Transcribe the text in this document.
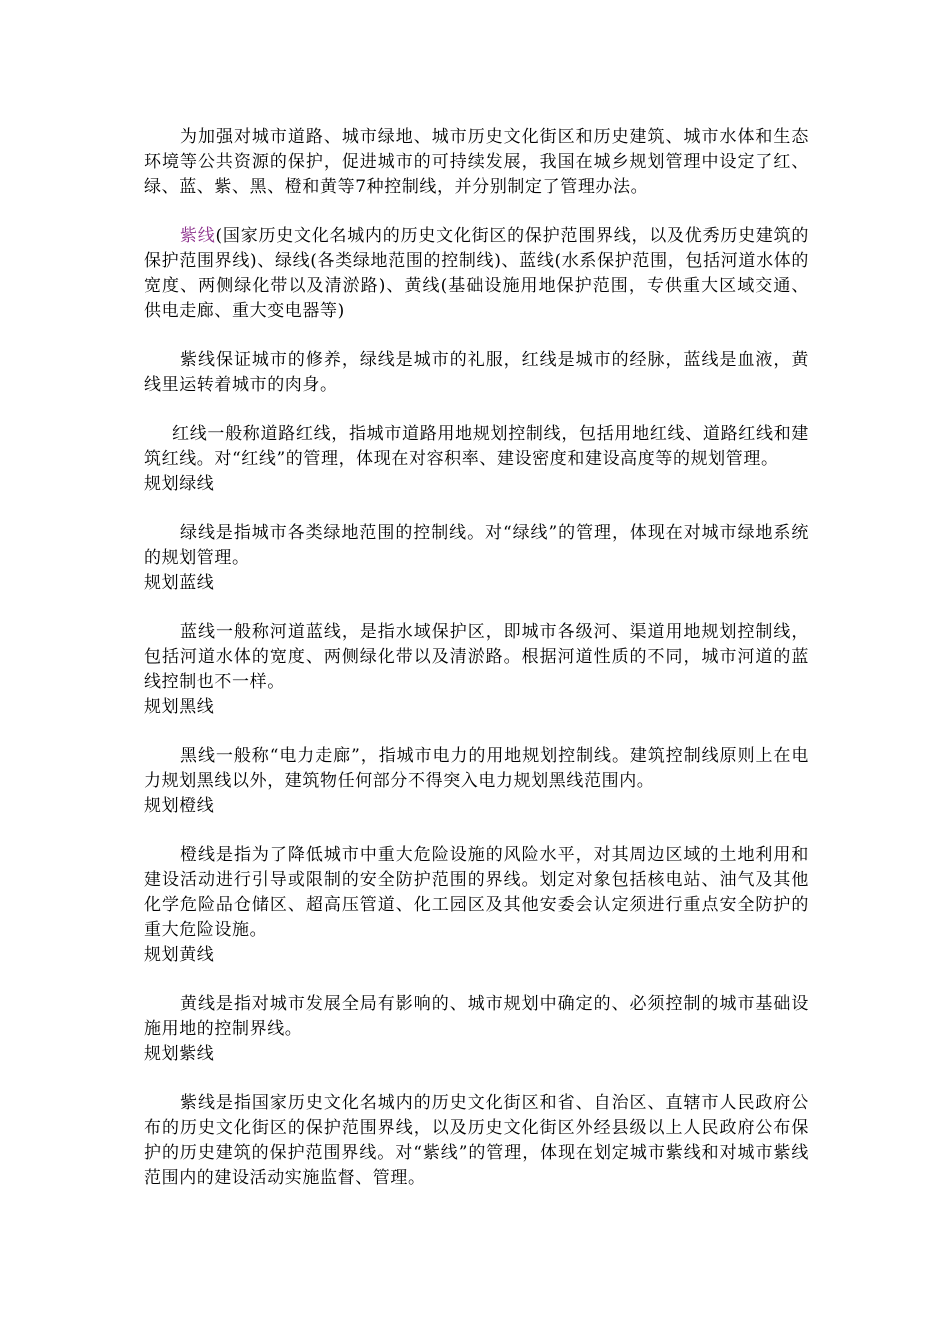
为加强对城市道路、城市绿地、城市历史文化街区和历史建筑、城市水体和生态环境等公共资源的保护，促进城市的可持续发展，我国在城乡规划管理中设定了红、绿、蓝、紫、黑、橙和黄等7种控制线，并分别制定了管理办法。

紫线(国家历史文化名城内的历史文化街区的保护范围界线，以及优秀历史建筑的保护范围界线)、绿线(各类绿地范围的控制线)、蓝线(水系保护范围，包括河道水体的宽度、两侧绿化带以及清淤路)、黄线(基础设施用地保护范围，专供重大区域交通、供电走廊、重大变电器等)

紫线保证城市的修养，绿线是城市的礼服，红线是城市的经脉，蓝线是血液，黄线里运转着城市的肉身。

红线一般称道路红线，指城市道路用地规划控制线，包括用地红线、道路红线和建筑红线。对“红线”的管理，体现在对容积率、建设密度和建设高度等的规划管理。

规划绿线

绿线是指城市各类绿地范围的控制线。对“绿线”的管理，体现在对城市绿地系统的规划管理。

规划蓝线

蓝线一般称河道蓝线，是指水域保护区，即城市各级河、渠道用地规划控制线，包括河道水体的宽度、两侧绿化带以及清淤路。根据河道性质的不同，城市河道的蓝线控制也不一样。

规划黑线

黑线一般称“电力走廊”，指城市电力的用地规划控制线。建筑控制线原则上在电力规划黑线以外，建筑物任何部分不得突入电力规划黑线范围内。

规划橙线

橙线是指为了降低城市中重大危险设施的风险水平，对其周边区域的土地利用和建设活动进行引导或限制的安全防护范围的界线。划定对象包括核电站、油气及其他化学危险品仓储区、超高压管道、化工园区及其他安委会认定须进行重点安全防护的重大危险设施。

规划黄线

黄线是指对城市发展全局有影响的、城市规划中确定的、必须控制的城市基础设施用地的控制界线。

规划紫线

紫线是指国家历史文化名城内的历史文化街区和省、自治区、直辖市人民政府公布的历史文化街区的保护范围界线，以及历史文化街区外经县级以上人民政府公布保护的历史建筑的保护范围界线。对“紫线”的管理，体现在划定城市紫线和对城市紫线范围内的建设活动实施监督、管理。
